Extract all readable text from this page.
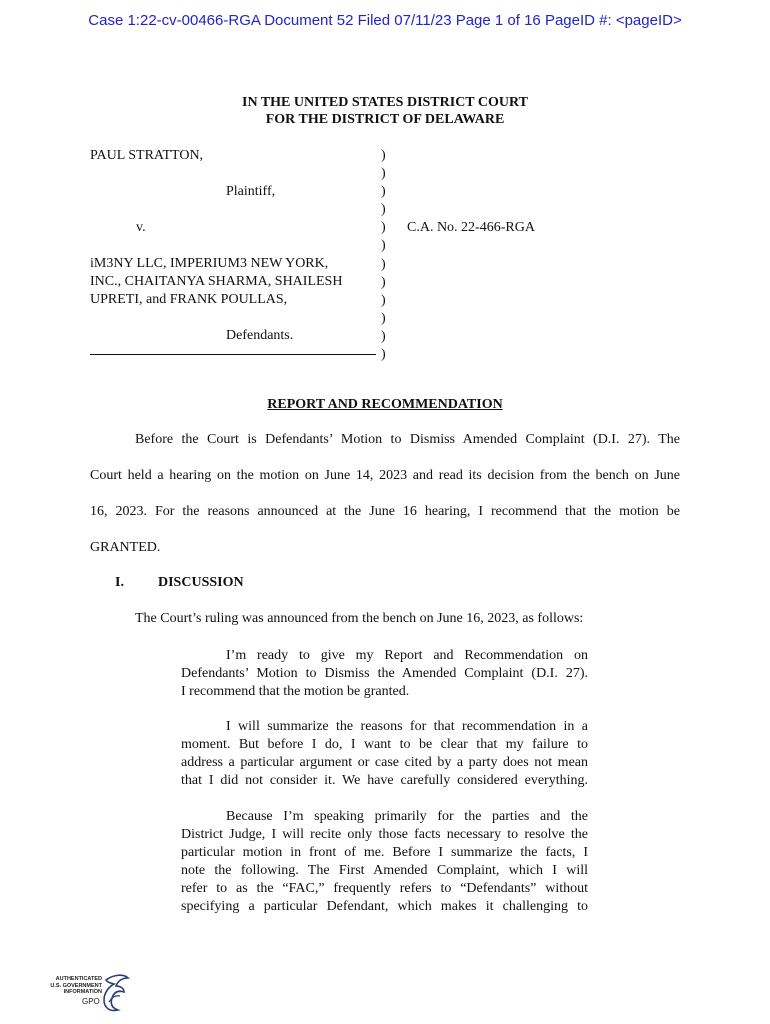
Case 1:22-cv-00466-RGA Document 52 Filed 07/11/23 Page 1 of 16 PageID #: <pageID>
IN THE UNITED STATES DISTRICT COURT
FOR THE DISTRICT OF DELAWARE
PAUL STRATTON,
Plaintiff,
v.	C.A. No. 22-466-RGA
iM3NY LLC, IMPERIUM3 NEW YORK,
INC., CHAITANYA SHARMA, SHAILESH
UPRETI, and FRANK POULLAS,
Defendants.
)
)
)
)
)
)
)
)
)
)
)
)
REPORT AND RECOMMENDATION
Before the Court is Defendants’ Motion to Dismiss Amended Complaint (D.I. 27). The
Court held a hearing on the motion on June 14, 2023 and read its decision from the bench on June
16, 2023. For the reasons announced at the June 16 hearing, I recommend that the motion be
GRANTED.
I. DISCUSSION
The Court’s ruling was announced from the bench on June 16, 2023, as follows:
I’m ready to give my Report and Recommendation on
Defendants’ Motion to Dismiss the Amended Complaint (D.I. 27).
I recommend that the motion be granted.
I will summarize the reasons for that recommendation in a
moment. But before I do, I want to be clear that my failure to
address a particular argument or case cited by a party does not mean
that I did not consider it. We have carefully considered everything.
Because I’m speaking primarily for the parties and the
District Judge, I will recite only those facts necessary to resolve the
particular motion in front of me. Before I summarize the facts, I
note the following. The First Amended Complaint, which I will
refer to as the “FAC,” frequently refers to “Defendants” without
specifying a particular Defendant, which makes it challenging to
AUTHENTICATED
U.S. GOVERNMENT
INFORMATION
GPO
